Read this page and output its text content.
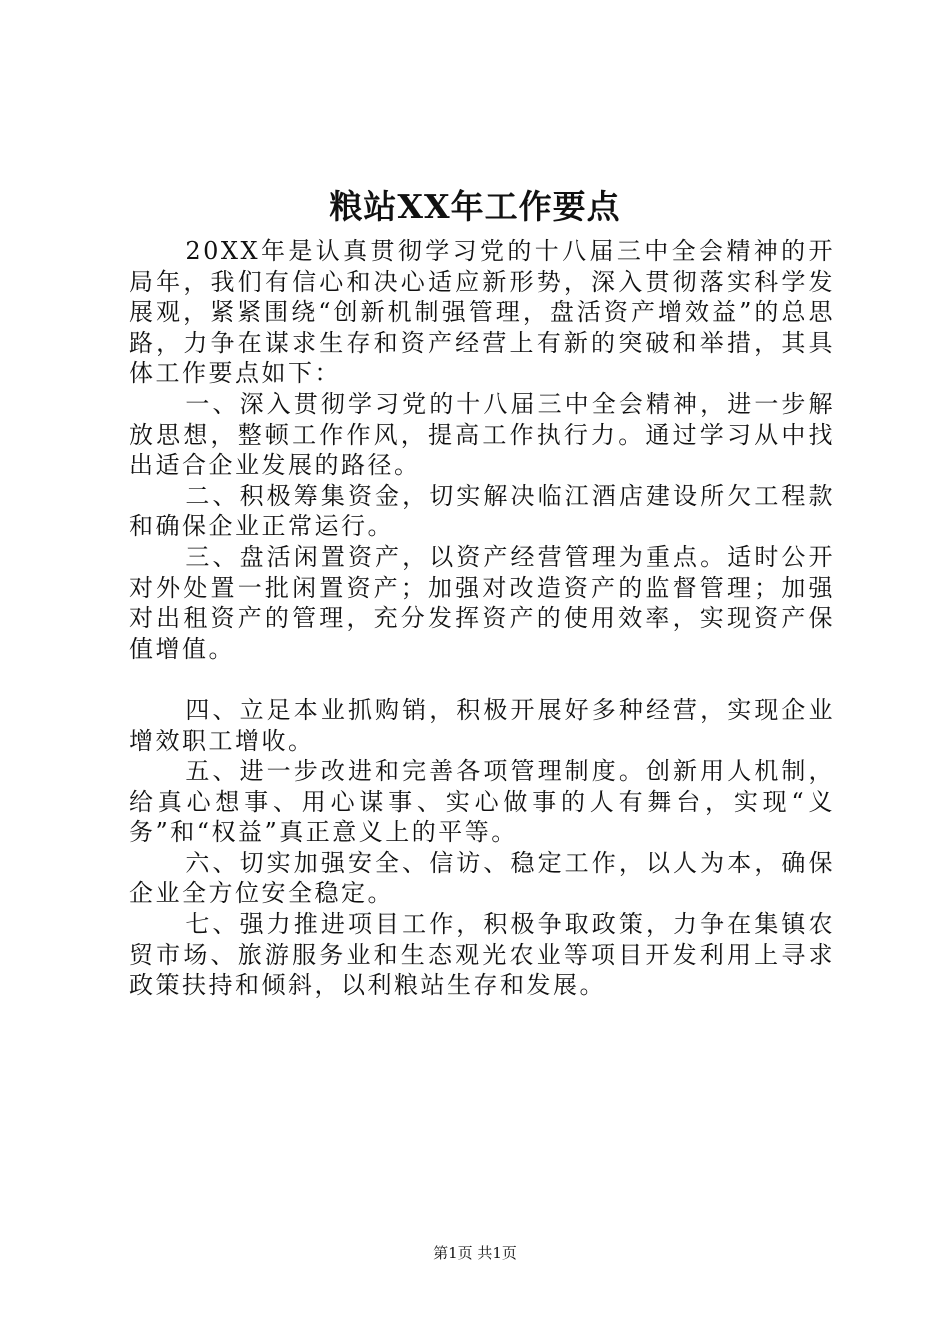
粮站XX年工作要点

20XX年是认真贯彻学习党的十八届三中全会精神的开局年，我们有信心和决心适应新形势，深入贯彻落实科学发展观，紧紧围绕“创新机制强管理，盘活资产增效益”的总思路，力争在谋求生存和资产经营上有新的突破和举措，其具体工作要点如下：

一、深入贯彻学习党的十八届三中全会精神，进一步解放思想，整顿工作作风，提高工作执行力。通过学习从中找出适合企业发展的路径。

二、积极筹集资金，切实解决临江酒店建设所欠工程款和确保企业正常运行。

三、盘活闲置资产，以资产经营管理为重点。适时公开对外处置一批闲置资产；加强对改造资产的监督管理；加强对出租资产的管理，充分发挥资产的使用效率，实现资产保值增值。

四、立足本业抓购销，积极开展好多种经营，实现企业增效职工增收。

五、进一步改进和完善各项管理制度。创新用人机制，给真心想事、用心谋事、实心做事的人有舞台，实现“义务”和“权益”真正意义上的平等。

六、切实加强安全、信访、稳定工作，以人为本，确保企业全方位安全稳定。

七、强力推进项目工作，积极争取政策，力争在集镇农贸市场、旅游服务业和生态观光农业等项目开发利用上寻求政策扶持和倾斜，以利粮站生存和发展。

第1页 共1页
